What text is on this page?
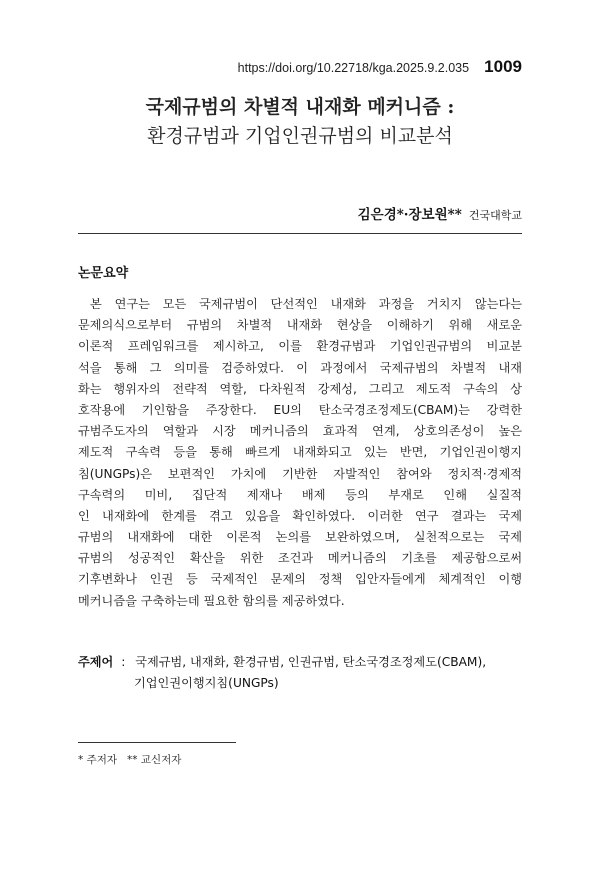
https://doi.org/10.22718/kga.2025.9.2.035 1009
국제규범의 차별적 내재화 메커니즘 :
환경규범과 기업인권규범의 비교분석
김은경*·장보원** 건국대학교
논문요약
본 연구는 모든 국제규범이 단선적인 내재화 과정을 거치지 않는다는
문제의식으로부터 규범의 차별적 내재화 현상을 이해하기 위해 새로운
이론적 프레임워크를 제시하고, 이를 환경규범과 기업인권규범의 비교분
석을 통해 그 의미를 검증하였다. 이 과정에서 국제규범의 차별적 내재
화는 행위자의 전략적 역할, 다차원적 강제성, 그리고 제도적 구속의 상
호작용에 기인함을 주장한다. EU의 탄소국경조정제도(CBAM)는 강력한
규범주도자의 역할과 시장 메커니즘의 효과적 연계, 상호의존성이 높은
제도적 구속력 등을 통해 빠르게 내재화되고 있는 반면, 기업인권이행지
침(UNGPs)은 보편적인 가치에 기반한 자발적인 참여와 정치적·경제적
구속력의 미비, 집단적 제재나 배제 등의 부재로 인해 실질적
인 내재화에 한계를 겪고 있음을 확인하였다. 이러한 연구 결과는 국제
규범의 내재화에 대한 이론적 논의를 보완하였으며, 실천적으로는 국제
규범의 성공적인 확산을 위한 조건과 메커니즘의 기초를 제공함으로써
기후변화나 인권 등 국제적인 문제의 정책 입안자들에게 체계적인 이행
메커니즘을 구축하는데 필요한 함의를 제공하였다.
주제어 : 국제규범, 내재화, 환경규범, 인권규범, 탄소국경조정제도(CBAM),
기업인권이행지침(UNGPs)
* 주저자   ** 교신저자
